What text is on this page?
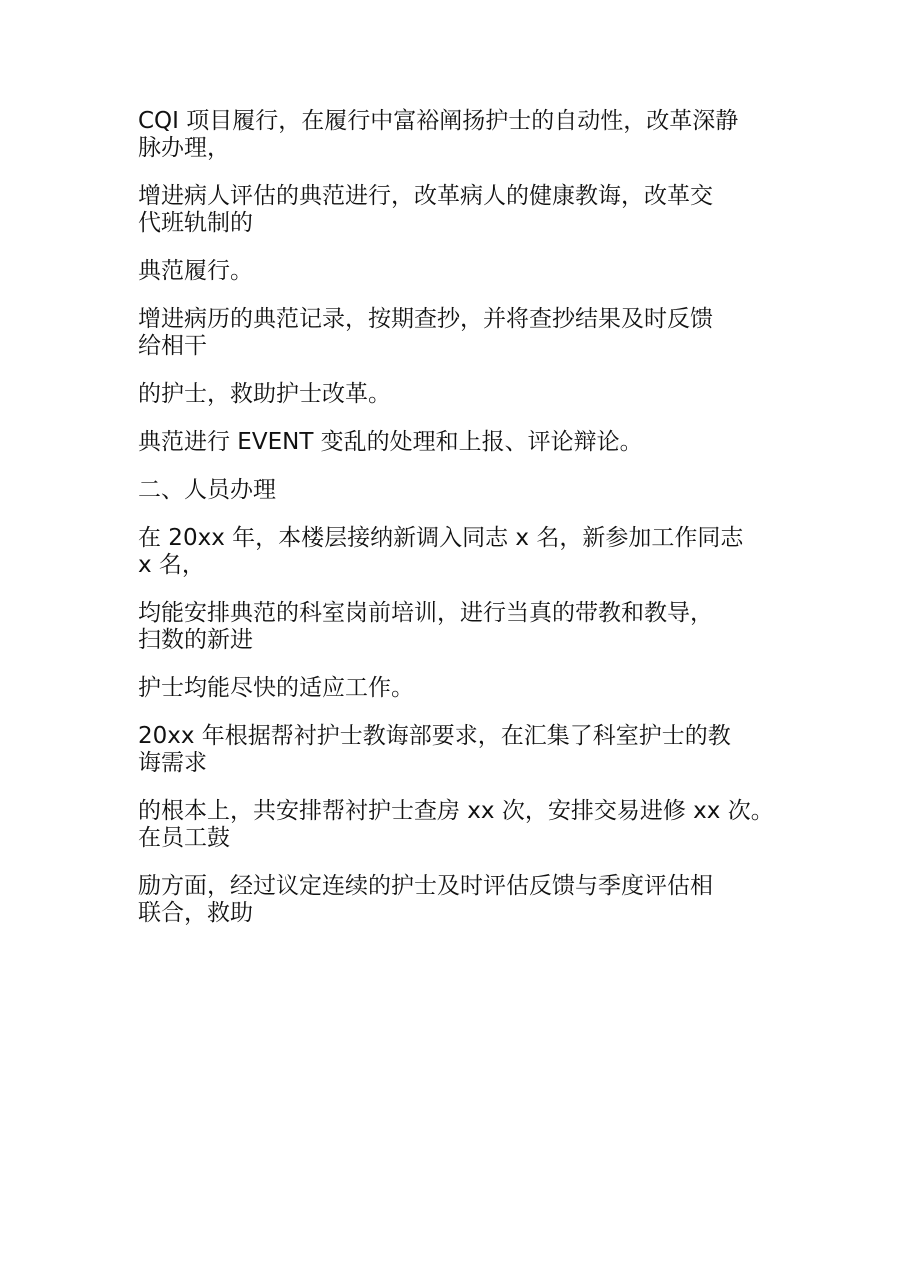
CQI 项目履行，在履行中富裕阐扬护士的自动性，改革深静
脉办理，

增进病人评估的典范进行，改革病人的健康教诲，改革交
代班轨制的

典范履行。

增进病历的典范记录，按期查抄，并将查抄结果及时反馈
给相干

的护士，救助护士改革。

典范进行 EVENT 变乱的处理和上报、评论辩论。

二、人员办理

在 20xx 年，本楼层接纳新调入同志 x 名，新参加工作同志
x 名，

均能安排典范的科室岗前培训，进行当真的带教和教导，
扫数的新进

护士均能尽快的适应工作。

20xx 年根据帮衬护士教诲部要求，在汇集了科室护士的教
诲需求

的根本上，共安排帮衬护士查房 xx 次，安排交易进修 xx 次。
在员工鼓

励方面，经过议定连续的护士及时评估反馈与季度评估相
联合，救助
